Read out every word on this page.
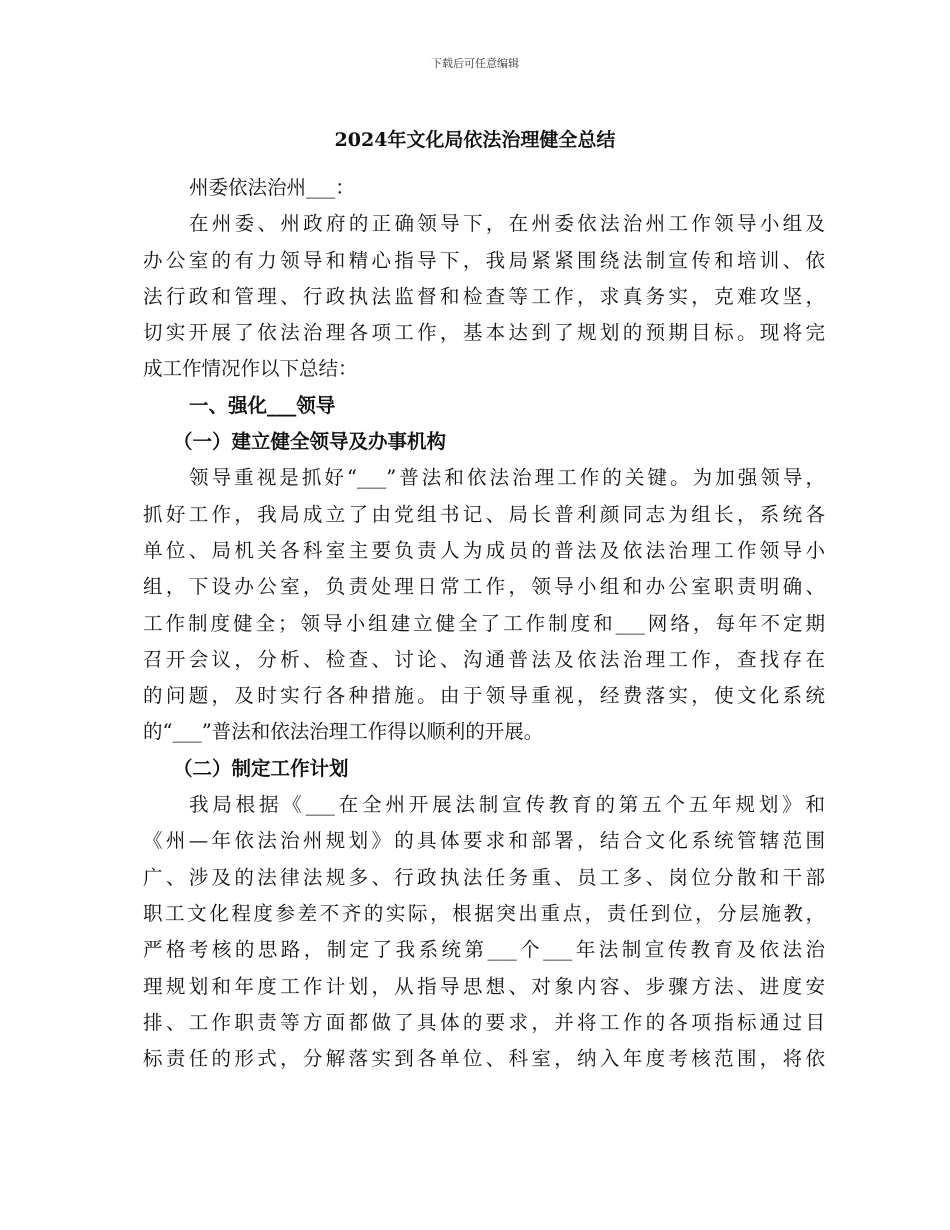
下载后可任意编辑
2024年文化局依法治理健全总结
州委依法治州___：
在州委、州政府的正确领导下，在州委依法治州工作领导小组及
办公室的有力领导和精心指导下，我局紧紧围绕法制宣传和培训、依
法行政和管理、行政执法监督和检查等工作，求真务实，克难攻坚，
切实开展了依法治理各项工作，基本达到了规划的预期目标。现将完
成工作情况作以下总结：
一、强化___领导
（一）建立健全领导及办事机构
领导重视是抓好“___”普法和依法治理工作的关键。为加强领导，
抓好工作，我局成立了由党组书记、局长普利颜同志为组长，系统各
单位、局机关各科室主要负责人为成员的普法及依法治理工作领导小
组，下设办公室，负责处理日常工作，领导小组和办公室职责明确、
工作制度健全；领导小组建立健全了工作制度和___网络，每年不定期
召开会议，分析、检查、讨论、沟通普法及依法治理工作，查找存在
的问题，及时实行各种措施。由于领导重视，经费落实，使文化系统
的“___”普法和依法治理工作得以顺利的开展。
（二）制定工作计划
我局根据《___在全州开展法制宣传教育的第五个五年规划》和
《州—年依法治州规划》的具体要求和部署，结合文化系统管辖范围
广、涉及的法律法规多、行政执法任务重、员工多、岗位分散和干部
职工文化程度参差不齐的实际，根据突出重点，责任到位，分层施教，
严格考核的思路，制定了我系统第___个___年法制宣传教育及依法治
理规划和年度工作计划，从指导思想、对象内容、步骤方法、进度安
排、工作职责等方面都做了具体的要求，并将工作的各项指标通过目
标责任的形式，分解落实到各单位、科室，纳入年度考核范围，将依
